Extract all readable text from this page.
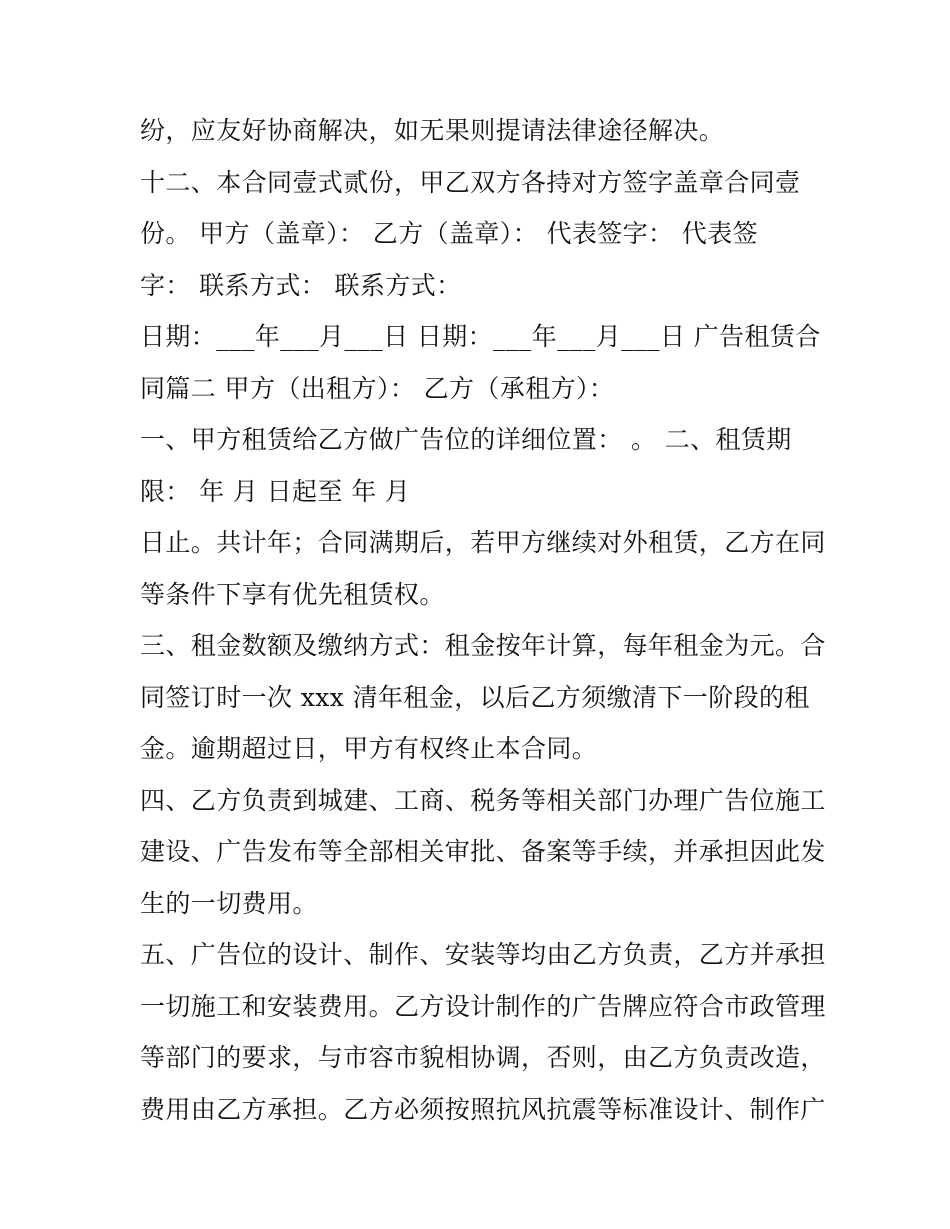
纷，应友好协商解决，如无果则提请法律途径解决。
十二、本合同壹式贰份，甲乙双方各持对方签字盖章合同壹
份。 甲方（盖章）： 乙方（盖章）： 代表签字： 代表签
字： 联系方式： 联系方式：
日期：___年___月___日 日期：___年___月___日 广告租赁合
同篇二 甲方（出租方）： 乙方（承租方）：
一、甲方租赁给乙方做广告位的详细位置： 。 二、租赁期
限： 年 月 日起至 年 月
日止。共计年；合同满期后，若甲方继续对外租赁，乙方在同
等条件下享有优先租赁权。
三、租金数额及缴纳方式：租金按年计算，每年租金为元。合
同签订时一次 xxx 清年租金，以后乙方须缴清下一阶段的租
金。逾期超过日，甲方有权终止本合同。
四、乙方负责到城建、工商、税务等相关部门办理广告位施工
建设、广告发布等全部相关审批、备案等手续，并承担因此发
生的一切费用。
五、广告位的设计、制作、安装等均由乙方负责，乙方并承担
一切施工和安装费用。乙方设计制作的广告牌应符合市政管理
等部门的要求，与市容市貌相协调，否则，由乙方负责改造，
费用由乙方承担。乙方必须按照抗风抗震等标准设计、制作广
